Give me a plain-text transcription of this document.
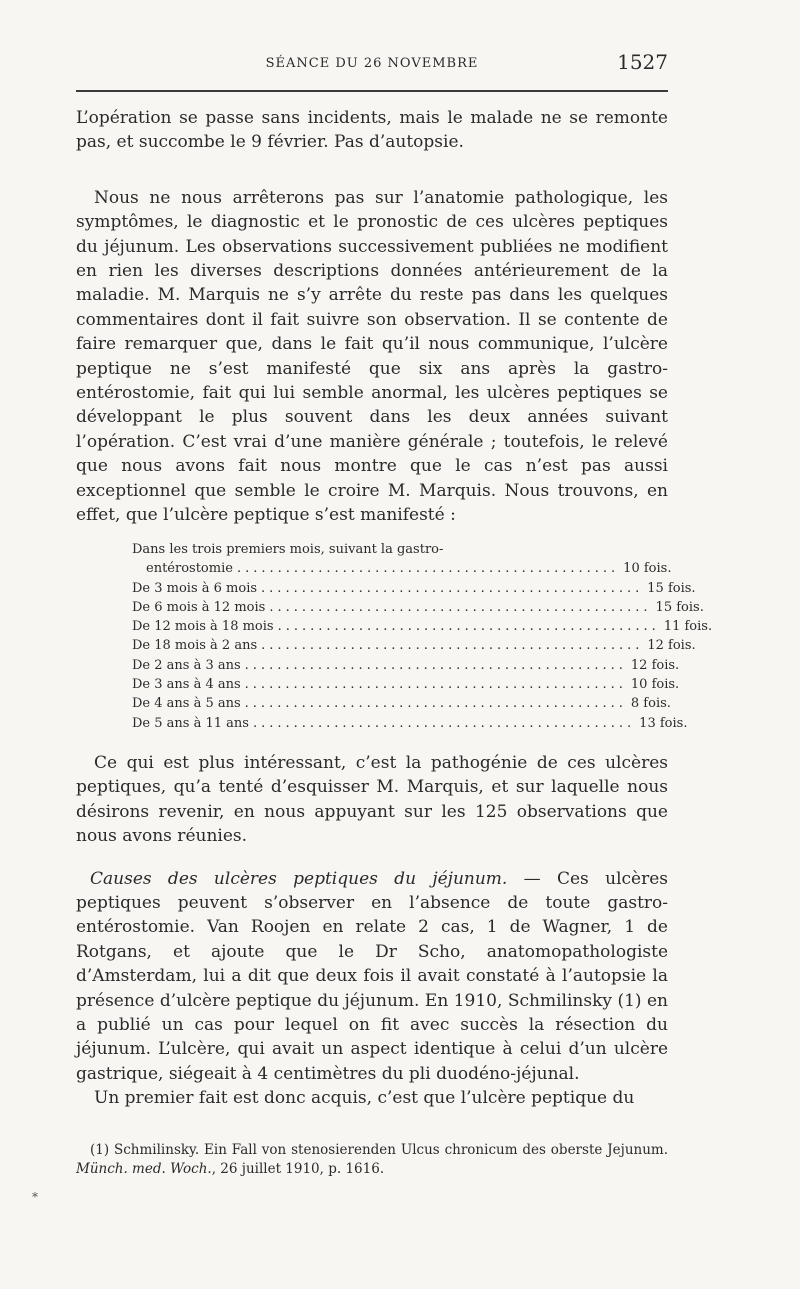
SÉANCE DU 26 NOVEMBRE	1527

L’opération se passe sans incidents, mais le malade ne se remonte pas, et succombe le 9 février. Pas d’autopsie.

Nous ne nous arrêterons pas sur l’anatomie pathologique, les symptômes, le diagnostic et le pronostic de ces ulcères peptiques du jéjunum. Les observations successivement publiées ne modifient en rien les diverses descriptions données antérieurement de la maladie. M. Marquis ne s’y arrête du reste pas dans les quelques commentaires dont il fait suivre son observation. Il se contente de faire remarquer que, dans le fait qu’il nous communique, l’ulcère peptique ne s’est manifesté que six ans après la gastro-entérostomie, fait qui lui semble anormal, les ulcères peptiques se développant le plus souvent dans les deux années suivant l’opération. C’est vrai d’une manière générale ; toutefois, le relevé que nous avons fait nous montre que le cas n’est pas aussi exceptionnel que semble le croire M. Marquis. Nous trouvons, en effet, que l’ulcère peptique s’est manifesté :

Dans les trois premiers mois, suivant la gastro-
entérostomie ............................................... 10 fois.
De 3 mois à 6 mois ............................................... 15 fois.
De 6 mois à 12 mois ............................................... 15 fois.
De 12 mois à 18 mois ............................................... 11 fois.
De 18 mois à 2 ans ............................................... 12 fois.
De 2 ans à 3 ans ............................................... 12 fois.
De 3 ans à 4 ans ............................................... 10 fois.
De 4 ans à 5 ans ............................................... 8 fois.
De 5 ans à 11 ans ............................................... 13 fois.

Ce qui est plus intéressant, c’est la pathogénie de ces ulcères peptiques, qu’a tenté d’esquisser M. Marquis, et sur laquelle nous désirons revenir, en nous appuyant sur les 125 observations que nous avons réunies.

Causes des ulcères peptiques du jéjunum. — Ces ulcères peptiques peuvent s’observer en l’absence de toute gastro-entérostomie. Van Roojen en relate 2 cas, 1 de Wagner, 1 de Rotgans, et ajoute que le Dr Scho, anatomopathologiste d’Amsterdam, lui a dit que deux fois il avait constaté à l’autopsie la présence d’ulcère peptique du jéjunum. En 1910, Schmilinsky (1) en a publié un cas pour lequel on fit avec succès la résection du jéjunum. L’ulcère, qui avait un aspect identique à celui d’un ulcère gastrique, siégeait à 4 centimètres du pli duodéno-jéjunal.

Un premier fait est donc acquis, c’est que l’ulcère peptique du

(1) Schmilinsky. Ein Fall von stenosierenden Ulcus chronicum des oberste Jejunum. Münch. med. Woch., 26 juillet 1910, p. 1616.
*
